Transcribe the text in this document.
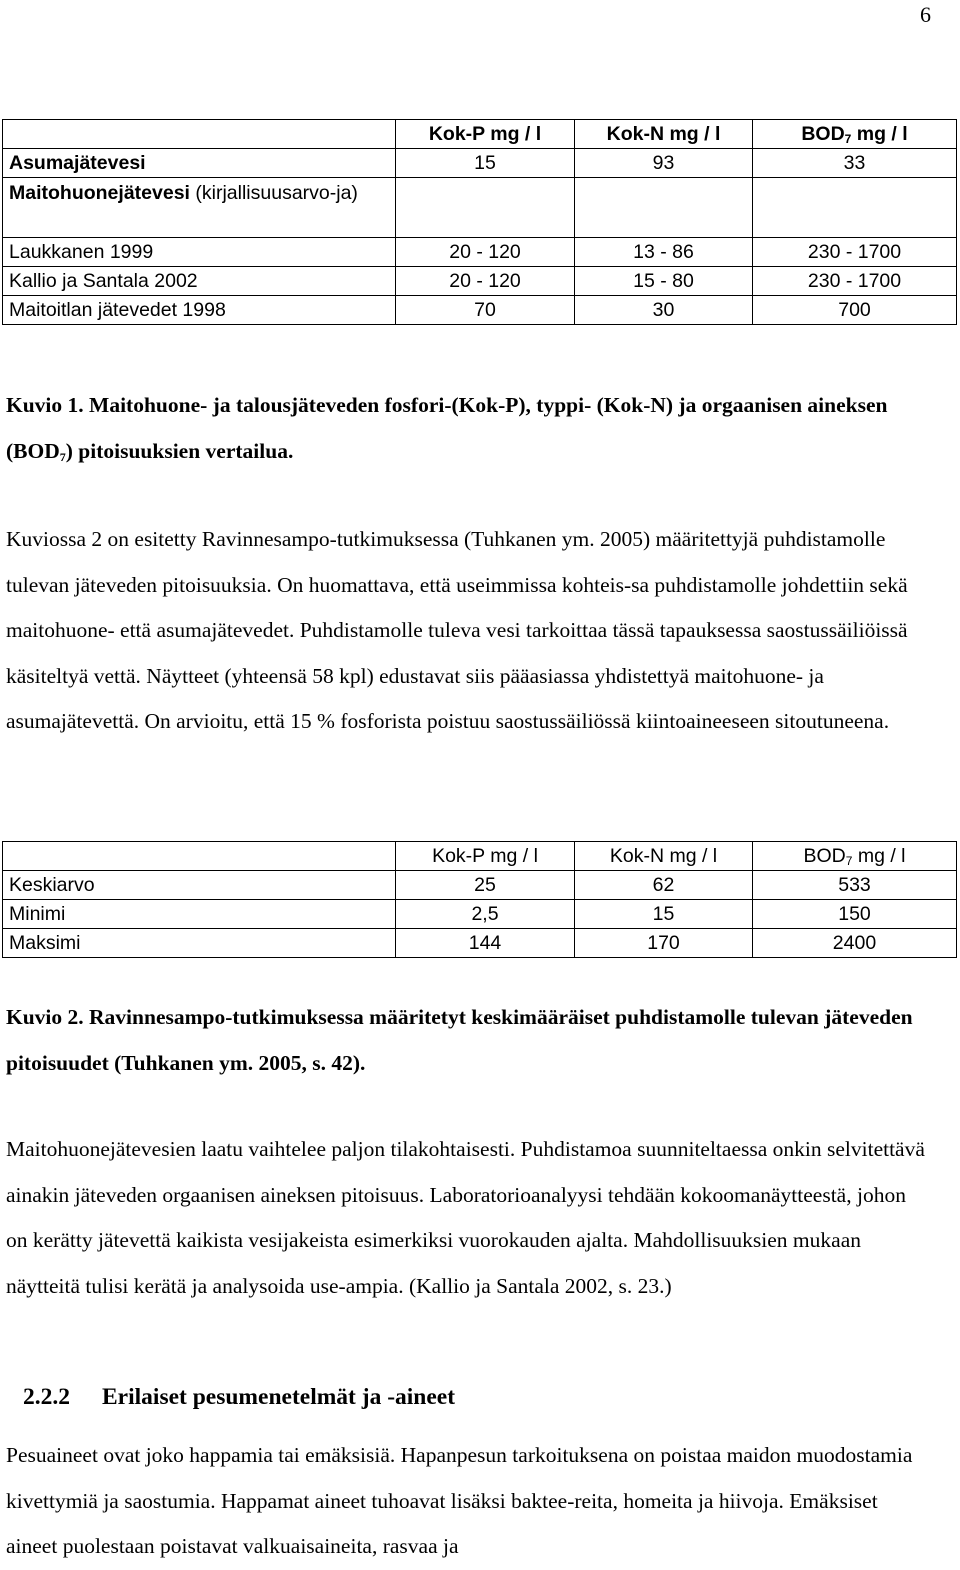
6
	Kok-P mg / l	Kok-N mg / l	$BOD_7$ mg / l
Asumajätevesi	15	93	33
Maitohuonejätevesi (kirjallisuusarvo-ja)			
Laukkanen 1999	20 - 120	13 - 86	230 - 1700
Kallio ja Santala 2002	20 - 120	15 - 80	230 - 1700
Maitoitlan jätevedet 1998	70	30	700

Kuvio 1. Maitohuone- ja talousjäteveden fosfori-(Kok-P), typpi- (Kok-N) ja orgaanisen aineksen $(BOD_7)$ pitoisuuksien vertailua.

Kuviossa 2 on esitetty Ravinnesampo-tutkimuksessa (Tuhkanen ym. 2005) määritettyjä puhdistamolle tulevan jäteveden pitoisuuksia. On huomattava, että useimmissa kohteis-sa puhdistamolle johdettiin sekä maitohuone- että asumajätevedet. Puhdistamolle tuleva vesi tarkoittaa tässä tapauksessa saostussäiliöissä käsiteltyä vettä. Näytteet (yhteensä 58 kpl) edustavat siis pääasiassa yhdistettyä maitohuone- ja asumajätevettä. On arvioitu, että 15 % fosforista poistuu saostussäiliössä kiintoaineeseen sitoutuneena.

	Kok-P mg / l	Kok-N mg / l	$BOD_7$ mg / l
Keskiarvo	25	62	533
Minimi	2,5	15	150
Maksimi	144	170	2400

Kuvio 2. Ravinnesampo-tutkimuksessa määritetyt keskimääräiset puhdistamolle tulevan jäteveden pitoisuudet (Tuhkanen ym. 2005, s. 42).

Maitohuonejätevesien laatu vaihtelee paljon tilakohtaisesti. Puhdistamoa suunniteltaessa onkin selvitettävä ainakin jäteveden orgaanisen aineksen pitoisuus. Laboratorioanalyysi tehdään kokoomanäytteestä, johon on kerätty jätevettä kaikista vesijakeista esimerkiksi vuorokauden ajalta. Mahdollisuuksien mukaan näytteitä tulisi kerätä ja analysoida use-ampia. (Kallio ja Santala 2002, s. 23.)

2.2.2 Erilaiset pesumenetelmät ja -aineet

Pesuaineet ovat joko happamia tai emäksisiä. Hapanpesun tarkoituksena on poistaa maidon muodostamia kivettymiä ja saostumia. Happamat aineet tuhoavat lisäksi baktee-reita, homeita ja hiivoja. Emäksiset aineet puolestaan poistavat valkuaisaineita, rasvaa ja
